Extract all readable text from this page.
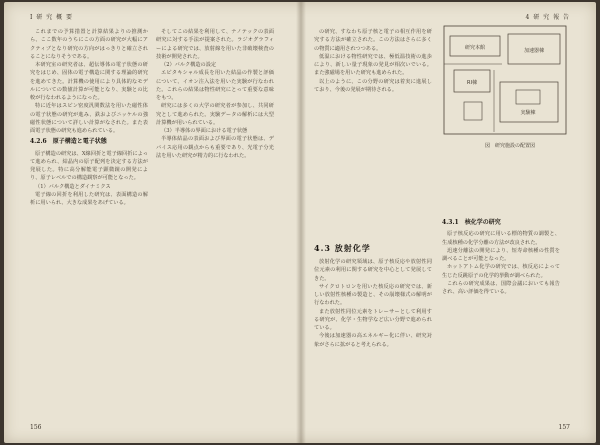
Ⅰ 研 究 概 要

これまでの予算措置と計算結果よりの推測から、ここ数年のうちにこの方面の研究が大幅にアクティブとなり研究の方向がはっきりと確立されることになりそうである。

本研究室の研究者は、超伝導体の電子状態の研究をはじめ、固体の電子構造に関する理論的研究を進めてきた。計算機の使用により具体的なモデルについての数値計算が可能となり、実験との比較が行なわれるようになった。

特に近年はスピン密度汎関数法を用いた磁性体の電子状態の研究が進み、鉄およびニッケルの強磁性状態について詳しい計算がなされた。また表面電子状態の研究も進められている。

4.2.6　原子構造と電子状態

原子構造の研究は、X線回折と電子線回折によって進められ、結晶内の原子配列を決定する方法が発展した。特に高分解能電子顕微鏡の開発により、原子レベルでの構造観察が可能となった。

（1）バルク構造とダイナミクス

電子線の回折を利用した研究は、表面構造の解析に用いられ、大きな成果をあげている。

そしてこの結果を利用して、ナノテックの表面研究に対する手法が提案された。ラジオグラフィーによる研究では、放射線を用いた非破壊検査の技術が開発された。

（2）バルク構造の設定

エピタキシャル成長を用いた結晶の作製と評価について、イオン注入法を用いた実験が行なわれた。これらの結果は物性研究にとって重要な意味をもつ。

研究には多くの大学の研究者が参加し、共同研究として進められた。実験データの解析には大型計算機が用いられている。

（3）半導体の界面における電子状態

半導体結晶の表面および界面の電子状態は、デバイス応用の観点からも重要であり、光電子分光法を用いた研究が精力的に行なわれた。

156
4 研 究 報 告

の研究、すなわち原子核と電子の相互作用を研究する方法が確立された。この方法はさらに多くの物質に適用されつつある。

低温における物性研究では、極低温技術の進歩により、新しい量子現象の発見が相次いでいる。また強磁場を用いた研究も進められた。

以上のように、この分野の研究は着実に進展しており、今後の発展が期待される。

研究本館	加速器棟
RI棟
実験棟
図　研究施設の配置図
4.3 放射化学

放射化学の研究領域は、原子核反応や放射性同位元素の利用に関する研究を中心として発展してきた。

サイクロトロンを用いた核反応の研究では、新しい放射性核種の製造と、その崩壊様式の解明が行なわれた。

また放射性同位元素をトレーサーとして利用する研究が、化学・生物学など広い分野で進められている。

今後は加速器の高エネルギー化に伴い、研究対象がさらに拡がると考えられる。

4.3.1　核化学の研究

原子核反応の研究に用いる標的物質の調製と、生成核種の化学分離の方法が改良された。

迅速分離法の開発により、短寿命核種の性質を調べることが可能となった。

ホットアトム化学の研究では、核反応によって生じた反跳原子の化学的挙動が調べられた。

これらの研究成果は、国際会議においても報告され、高い評価を得ている。

157
